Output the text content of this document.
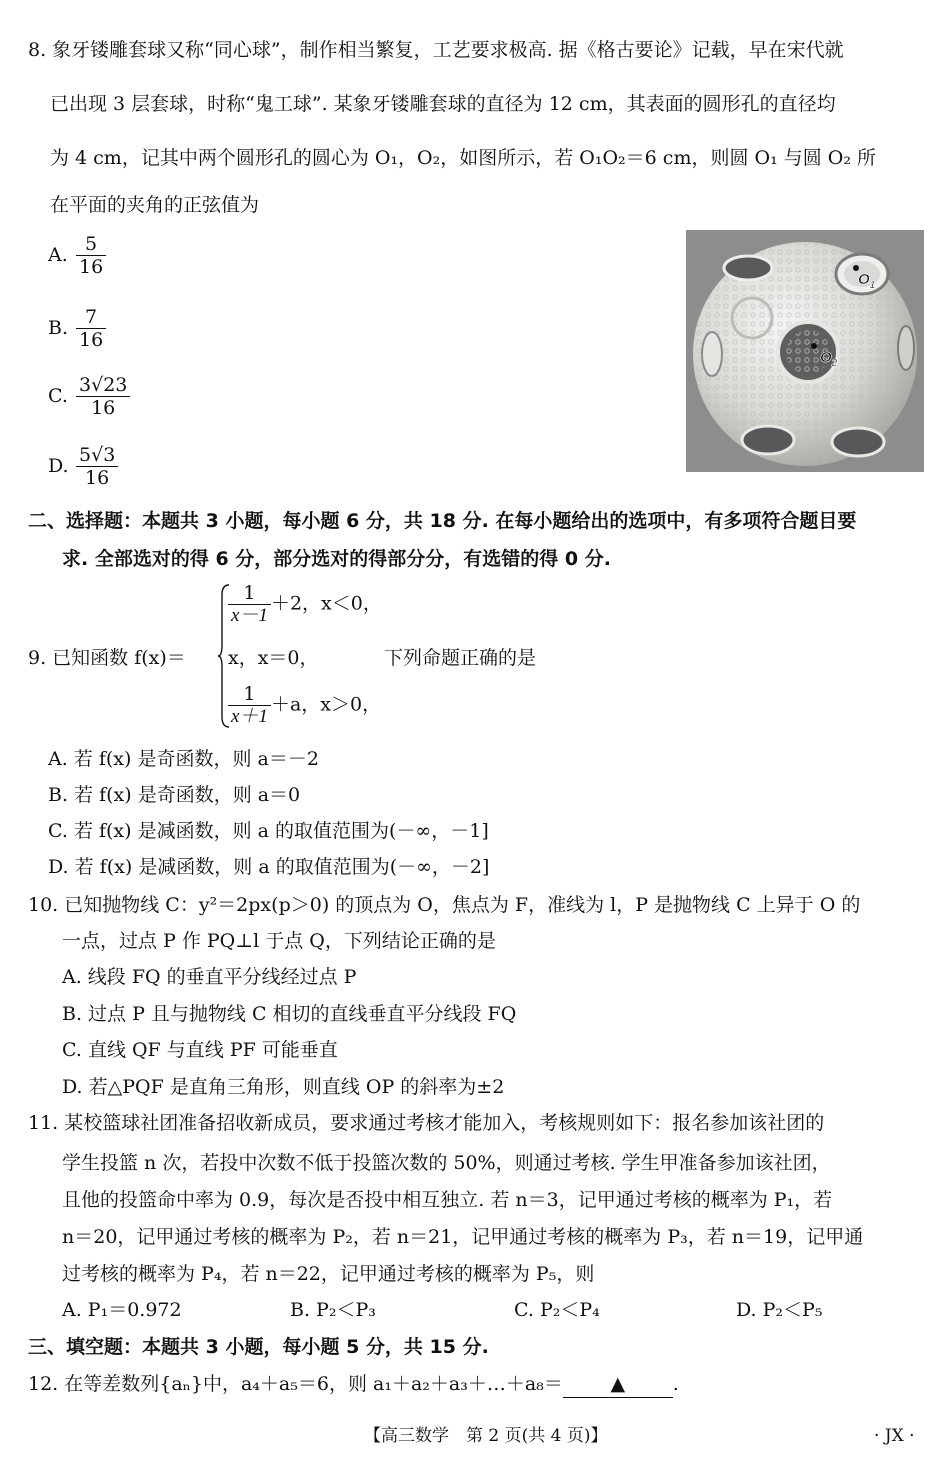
8. 象牙镂雕套球又称“同心球”，制作相当繁复，工艺要求极高. 据《格古要论》记载，早在宋代就
已出现 3 层套球，时称“鬼工球”. 某象牙镂雕套球的直径为 12 cm，其表面的圆形孔的直径均
为 4 cm，记其中两个圆形孔的圆心为 O₁，O₂，如图所示，若 O₁O₂＝6 cm，则圆 O₁ 与圆 O₂ 所
在平面的夹角的正弦值为
A. $\frac{5}{16}$
B. $\frac{7}{16}$
C. $\frac{3√23}{16}$
D. $\frac{5√3}{16}$
$O_1$
$O_2$
二、选择题：本题共 3 小题，每小题 6 分，共 18 分. 在每小题给出的选项中，有多项符合题目要
求. 全部选对的得 6 分，部分选对的得部分分，有选错的得 0 分.
9. 已知函数 f(x)＝
$\frac{1}{x-1} +2$，x＜0，
x，x＝0，
$\frac{1}{x+1} +a$，x＞0，
下列命题正确的是
A. 若 f(x) 是奇函数，则 a＝－2
B. 若 f(x) 是奇函数，则 a＝0
C. 若 f(x) 是减函数，则 a 的取值范围为(－∞，－1]
D. 若 f(x) 是减函数，则 a 的取值范围为(－∞，－2]
10. 已知抛物线 C：y²＝2px(p＞0) 的顶点为 O，焦点为 F，准线为 l，P 是抛物线 C 上异于 O 的
一点，过点 P 作 PQ⊥l 于点 Q，下列结论正确的是
A. 线段 FQ 的垂直平分线经过点 P
B. 过点 P 且与抛物线 C 相切的直线垂直平分线段 FQ
C. 直线 QF 与直线 PF 可能垂直
D. 若△PQF 是直角三角形，则直线 OP 的斜率为±2
11. 某校篮球社团准备招收新成员，要求通过考核才能加入，考核规则如下：报名参加该社团的
学生投篮 n 次，若投中次数不低于投篮次数的 50%，则通过考核. 学生甲准备参加该社团，
且他的投篮命中率为 0.9，每次是否投中相互独立. 若 n＝3，记甲通过考核的概率为 P₁，若
n＝20，记甲通过考核的概率为 P₂，若 n＝21，记甲通过考核的概率为 P₃，若 n＝19，记甲通
过考核的概率为 P₄，若 n＝22，记甲通过考核的概率为 P₅，则
A. P₁＝0.972	B. P₂＜P₃	C. P₂＜P₄	D. P₂＜P₅
三、填空题：本题共 3 小题，每小题 5 分，共 15 分.
12. 在等差数列{aₙ}中，a₄＋a₅＝6，则 a₁＋a₂＋a₃＋…＋a₈＝	▲	.
【高三数学　第 2 页(共 4 页)】	· JX ·
